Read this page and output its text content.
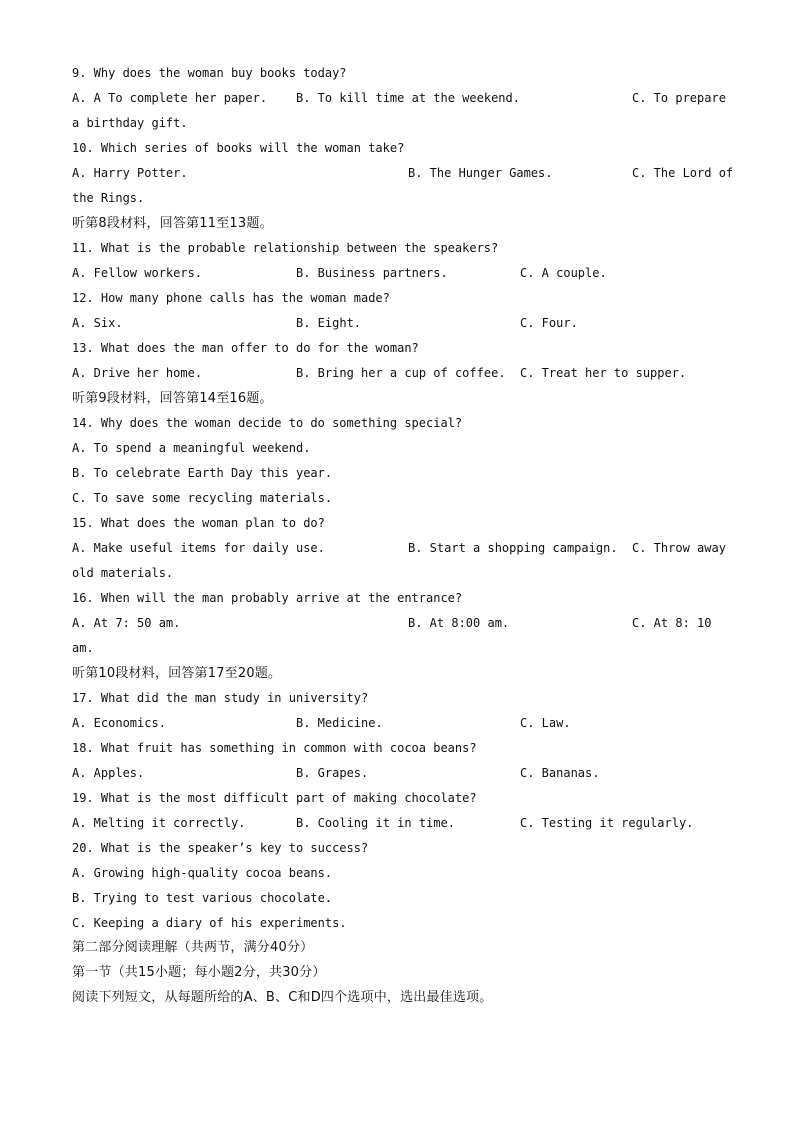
9. Why does the woman buy books today?

A. A To complete her paper.

B. To kill time at the weekend.

	C. To prepare

a birthday gift.
10. Which series of books will the woman take?

A. Harry Potter.

	B. The Hunger Games.

	C. The Lord of

the Rings.
听第8段材料，回答第11至13题。
11. What is the probable relationship between the speakers?

A. Fellow workers.

	B. Business partners.

	C. A couple.

12. How many phone calls has the woman made?

A. Six.

	B. Eight.

	C. Four.

13. What does the man offer to do for the woman?

A. Drive her home.

	B. Bring her a cup of coffee.

C. Treat her to supper.

听第9段材料，回答第14至16题。
14. Why does the woman decide to do something special?
A. To spend a meaningful weekend.
B. To celebrate Earth Day this year.
C. To save some recycling materials.
15. What does the woman plan to do?

A. Make useful items for daily use.

	B. Start a shopping campaign.

C. Throw away

old materials.
16. When will the man probably arrive at the entrance?

A. At 7: 50 am.

	B. At 8:00 am.

	C. At 8: 10

am.
听第10段材料，回答第17至20题。
17. What did the man study in university?

A. Economics.

	B. Medicine.

	C. Law.

18. What fruit has something in common with cocoa beans?

A. Apples.

	B. Grapes.

	C. Bananas.

19. What is the most difficult part of making chocolate?

A. Melting it correctly.

	B. Cooling it in time.

	C. Testing it regularly.

20. What is the speaker’s key to success?
A. Growing high-quality cocoa beans.
B. Trying to test various chocolate.
C. Keeping a diary of his experiments.
第二部分阅读理解（共两节，满分40分）
第一节（共15小题；每小题2分，共30分）
阅读下列短文，从每题所给的A、B、C和D四个选项中，选出最佳选项。
